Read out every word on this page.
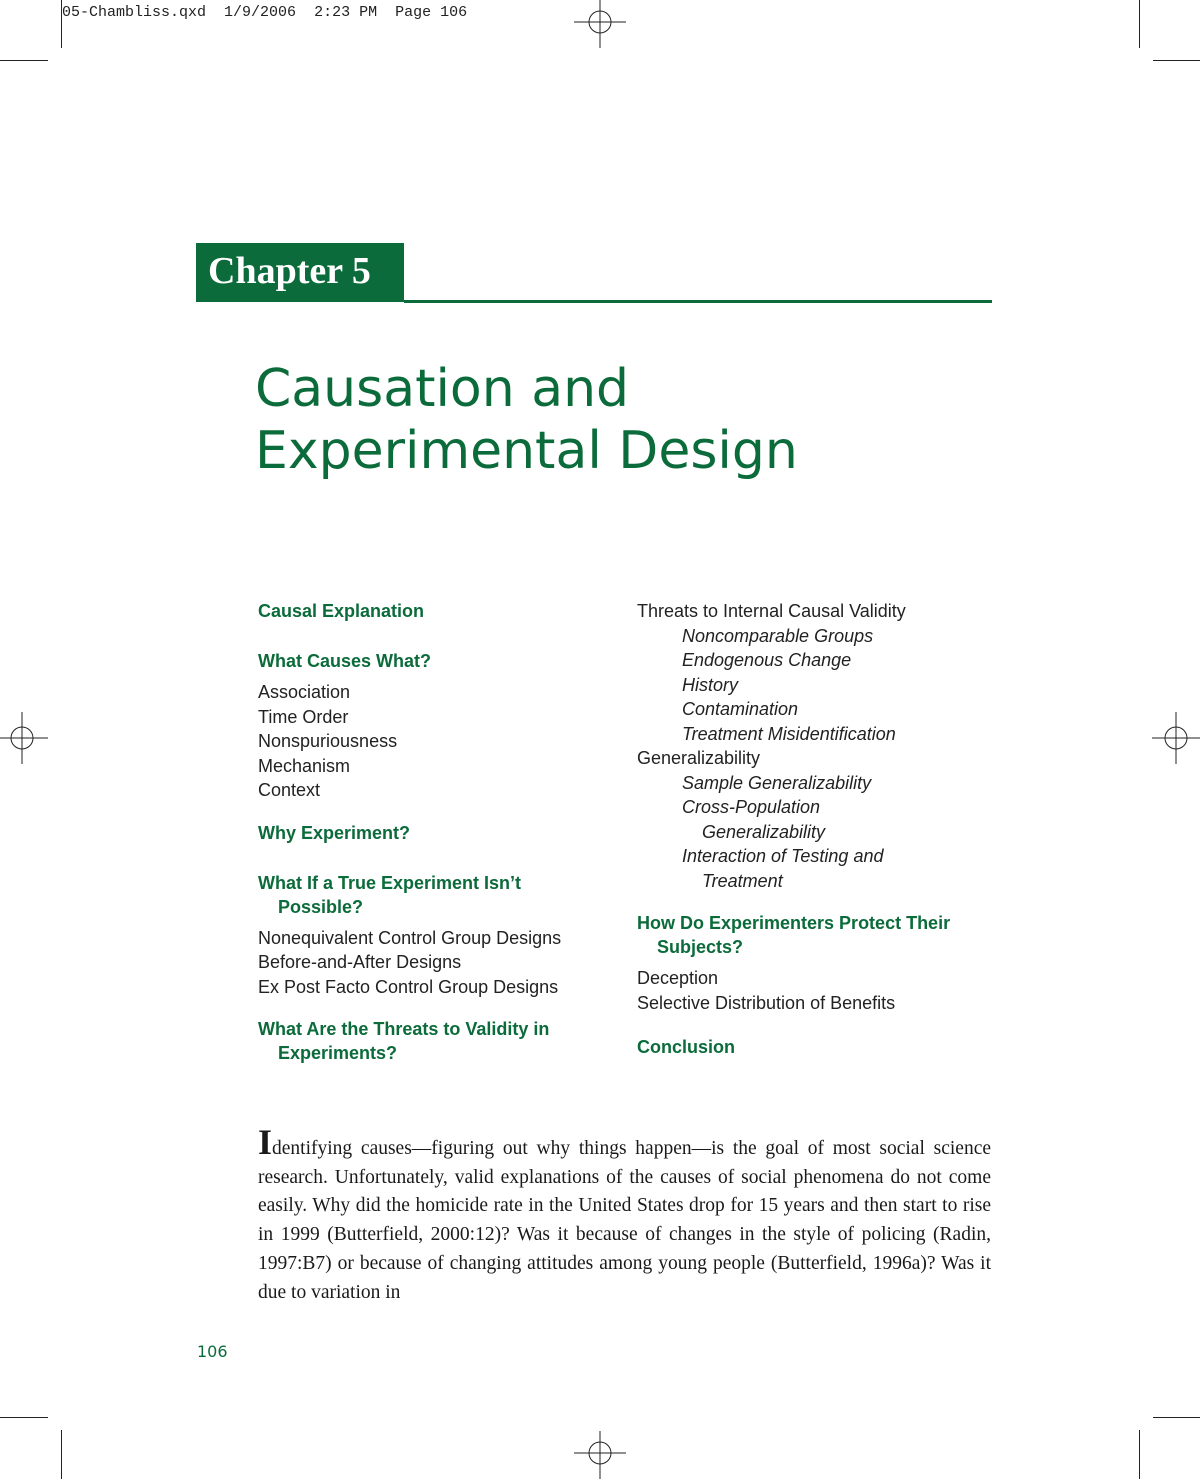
05-Chambliss.qxd 1/9/2006 2:23 PM Page 106
Chapter 5
Causation and
Experimental Design
Causal Explanation
What Causes What?
Association
Time Order
Nonspuriousness
Mechanism
Context
Why Experiment?
What If a True Experiment Isn’t
Possible?
Nonequivalent Control Group Designs
Before-and-After Designs
Ex Post Facto Control Group Designs
What Are the Threats to Validity in
Experiments?
Threats to Internal Causal Validity
Noncomparable Groups
Endogenous Change
History
Contamination
Treatment Misidentification
Generalizability
Sample Generalizability
Cross-Population
Generalizability
Interaction of Testing and
Treatment
How Do Experimenters Protect Their
Subjects?
Deception
Selective Distribution of Benefits
Conclusion
Identifying causes—figuring out why things happen—is the goal of most social science research. Unfortunately, valid explanations of the causes of social phenomena do not come easily. Why did the homicide rate in the United States drop for 15 years and then start to rise in 1999 (Butterfield, 2000:12)? Was it because of changes in the style of policing (Radin, 1997:B7) or because of changing attitudes among young people (Butterfield, 1996a)? Was it due to variation in
106
